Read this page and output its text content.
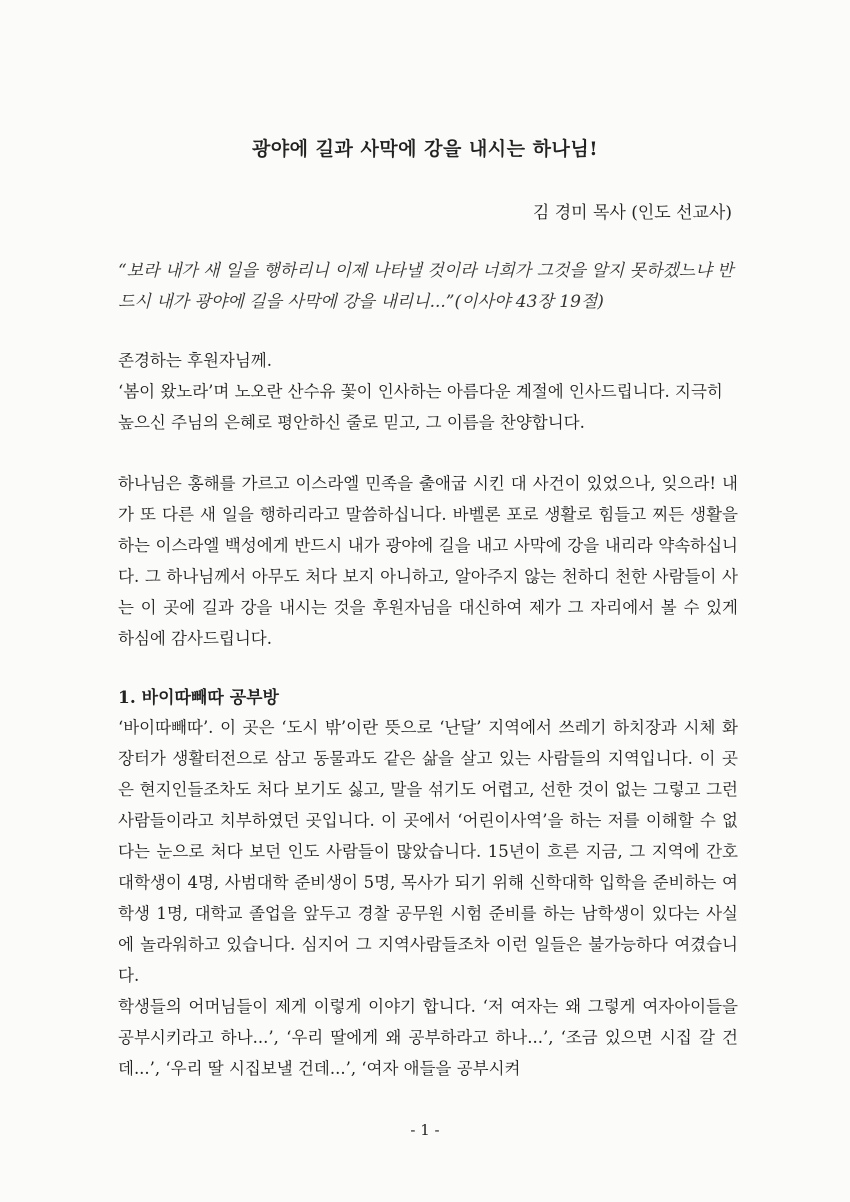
광야에 길과 사막에 강을 내시는 하나님!
김 경미 목사 (인도 선교사)
“보라 내가 새 일을 행하리니 이제 나타낼 것이라 너희가 그것을 알지 못하겠느냐 반드시 내가 광야에 길을 사막에 강을 내리니...”(이사야 43장 19절)

존경하는 후원자님께.

‘봄이 왔노라’며 노오란 산수유 꽃이 인사하는 아름다운 계절에 인사드립니다. 지극히 높으신 주님의 은혜로 평안하신 줄로 믿고, 그 이름을 찬양합니다.

하나님은 홍해를 가르고 이스라엘 민족을 출애굽 시킨 대 사건이 있었으나, 잊으라! 내가 또 다른 새 일을 행하리라고 말씀하십니다. 바벨론 포로 생활로 힘들고 찌든 생활을 하는 이스라엘 백성에게 반드시 내가 광야에 길을 내고 사막에 강을 내리라 약속하십니다. 그 하나님께서 아무도 처다 보지 아니하고, 알아주지 않는 천하디 천한 사람들이 사는 이 곳에 길과 강을 내시는 것을 후원자님을 대신하여 제가 그 자리에서 볼 수 있게 하심에 감사드립니다.
1. 바이따빼따 공부방

‘바이따빼따’. 이 곳은 ‘도시 밖’이란 뜻으로 ‘난달’ 지역에서 쓰레기 하치장과 시체 화장터가 생활터전으로 삼고 동물과도 같은 삶을 살고 있는 사람들의 지역입니다. 이 곳은 현지인들조차도 처다 보기도 싫고, 말을 섞기도 어렵고, 선한 것이 없는 그렇고 그런 사람들이라고 치부하였던 곳입니다. 이 곳에서 ‘어린이사역’을 하는 저를 이해할 수 없다는 눈으로 처다 보던 인도 사람들이 많았습니다. 15년이 흐른 지금, 그 지역에 간호대학생이 4명, 사범대학 준비생이 5명, 목사가 되기 위해 신학대학 입학을 준비하는 여학생 1명, 대학교 졸업을 앞두고 경찰 공무원 시험 준비를 하는 남학생이 있다는 사실에 놀라워하고 있습니다. 심지어 그 지역사람들조차 이런 일들은 불가능하다 여겼습니다.

학생들의 어머님들이 제게 이렇게 이야기 합니다. ‘저 여자는 왜 그렇게 여자아이들을 공부시키라고 하나...’, ‘우리 딸에게 왜 공부하라고 하나...’, ‘조금 있으면 시집 갈 건데...’, ‘우리 딸 시집보낼 건데...’, ‘여자 애들을 공부시켜

- 1 -
